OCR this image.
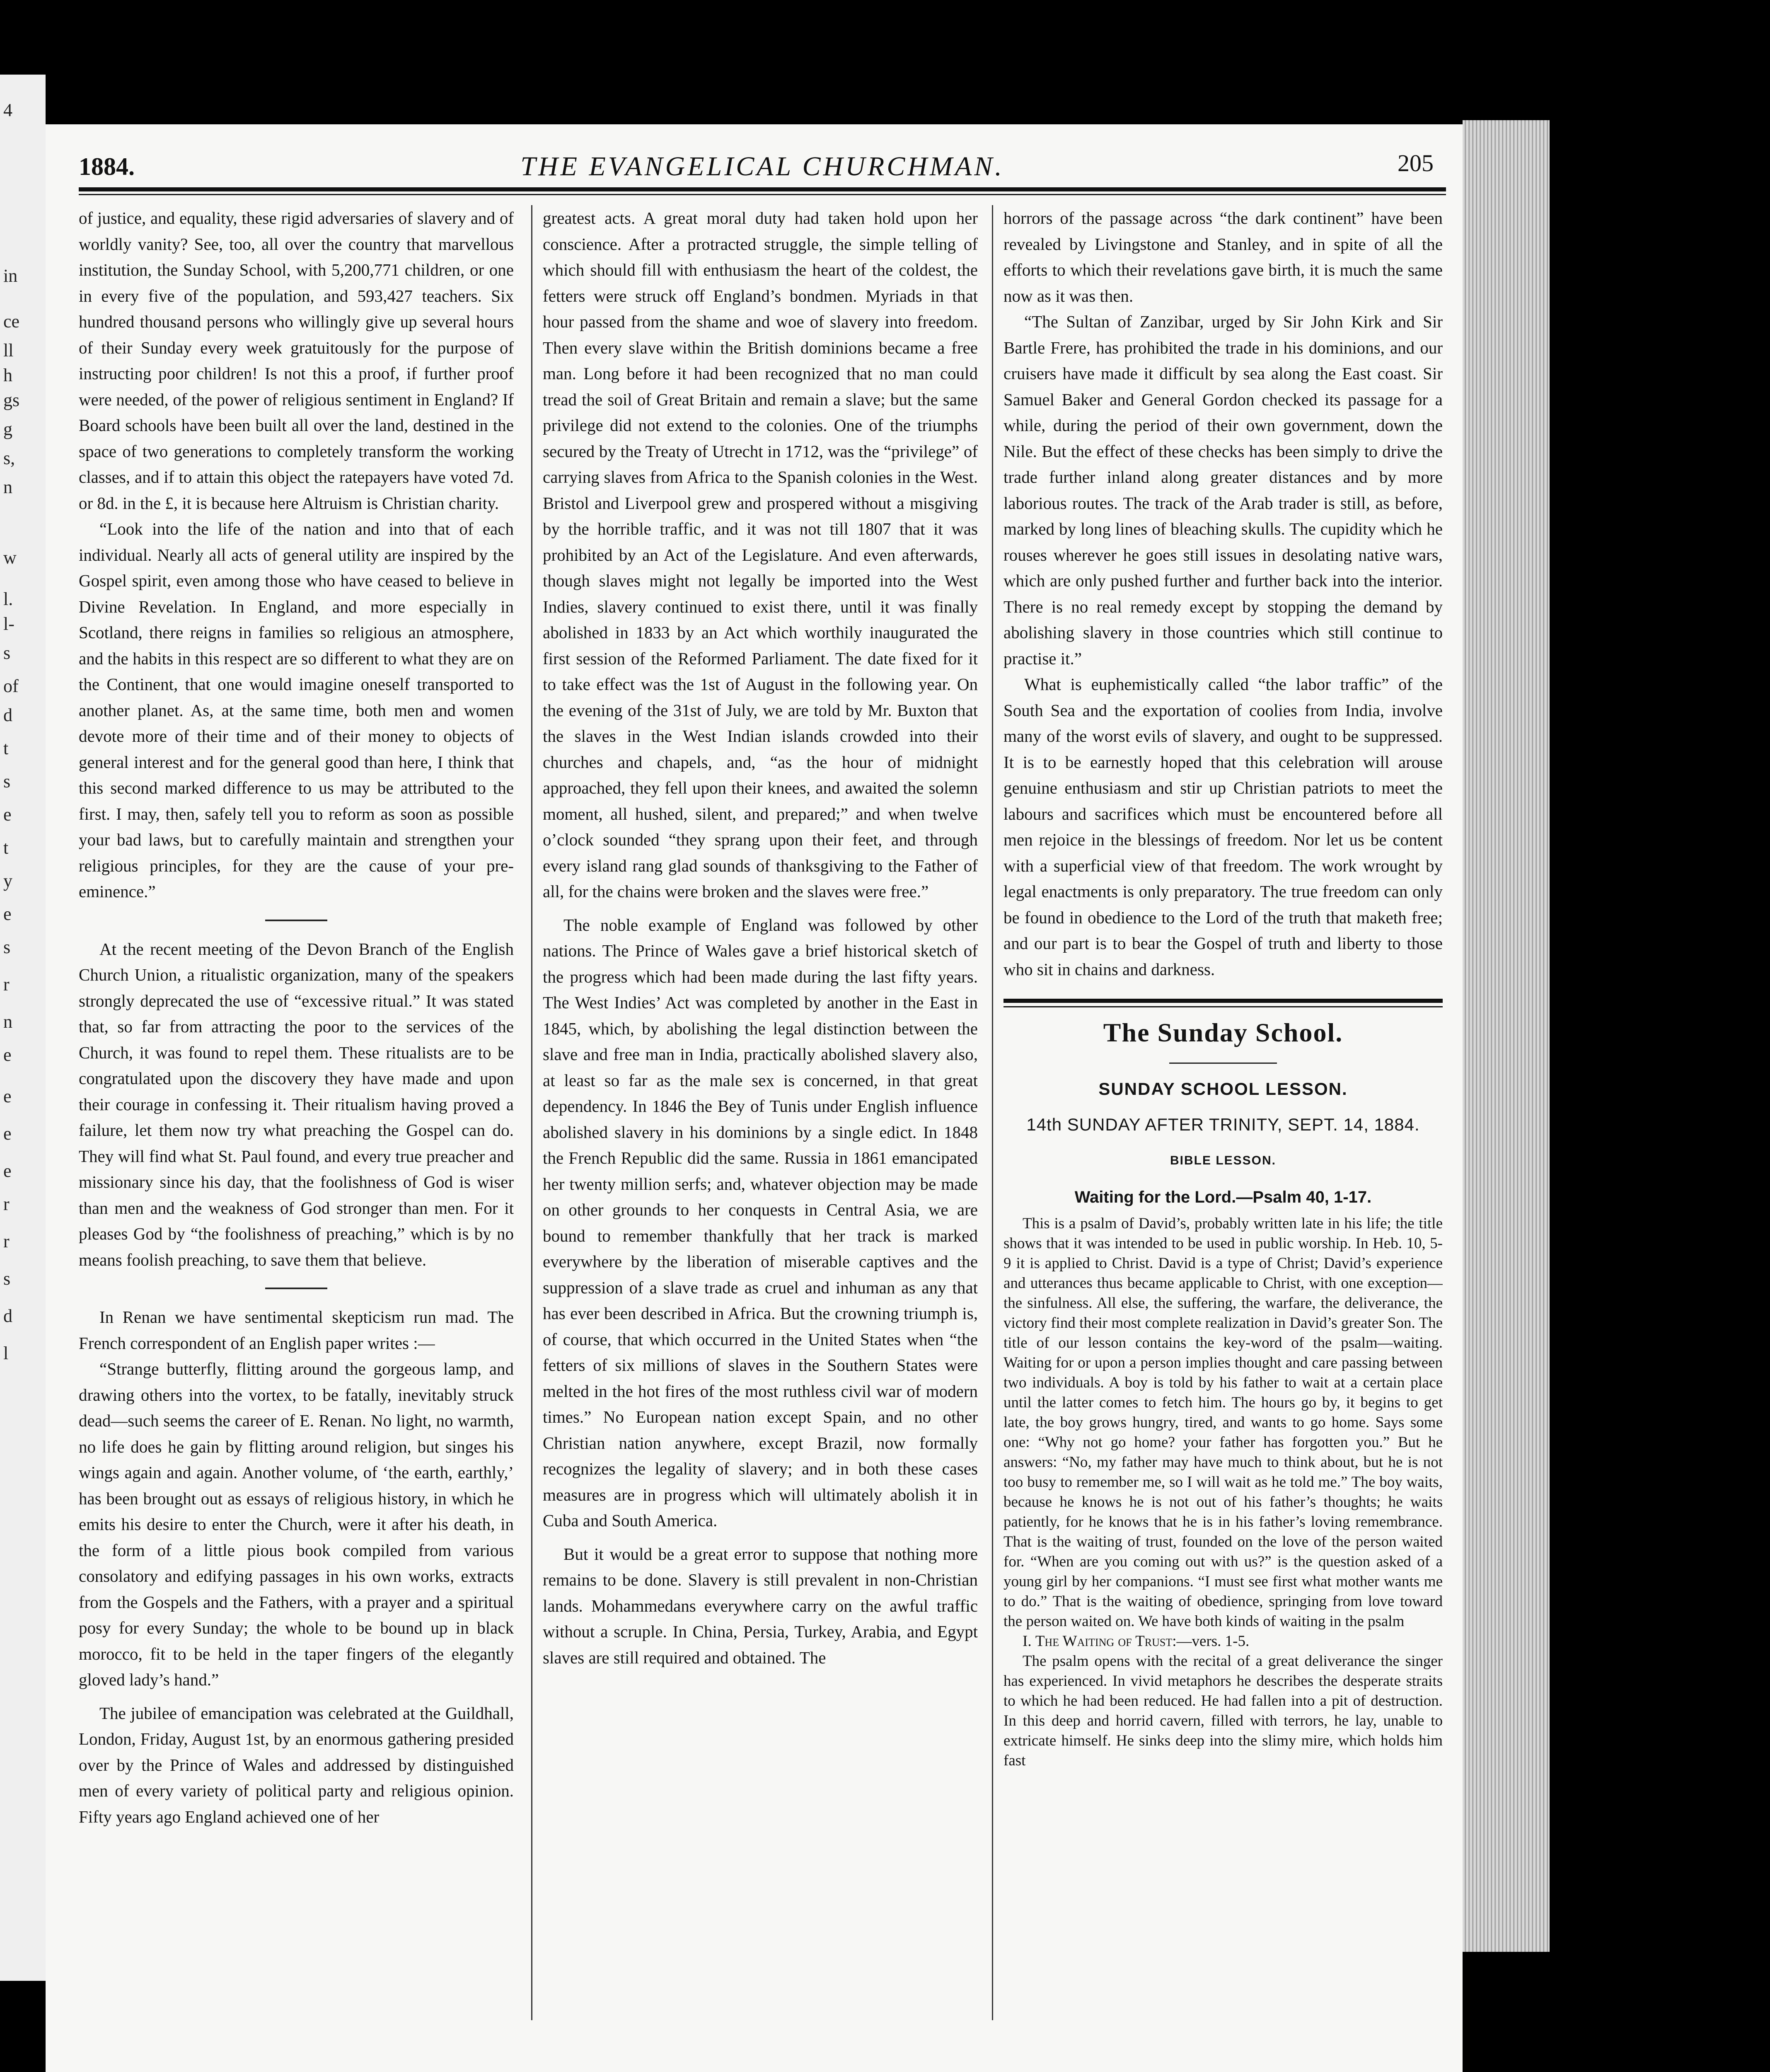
4
in
ce
ll
h
gs
g
s,
n
w
l.
l-
s
of
d
t
s
e
t
y
e
s
r
n
e
e
e
e
r
r
s
d
l
1884.	THE EVANGELICAL CHURCHMAN.	205

of justice, and equality, these rigid adversaries of slavery and of worldly vanity? See, too, all over the country that marvellous institution, the Sunday School, with 5,200,771 children, or one in every five of the population, and 593,427 teachers. Six hundred thousand persons who willingly give up several hours of their Sunday every week gratuitously for the purpose of instructing poor children! Is not this a proof, if further proof were needed, of the power of religious sentiment in England? If Board schools have been built all over the land, destined in the space of two generations to completely transform the working classes, and if to attain this object the ratepayers have voted 7d. or 8d. in the £, it is because here Altruism is Christian charity.

“Look into the life of the nation and into that of each individual. Nearly all acts of general utility are inspired by the Gospel spirit, even among those who have ceased to believe in Divine Revelation. In England, and more especially in Scotland, there reigns in families so religious an atmosphere, and the habits in this respect are so different to what they are on the Continent, that one would imagine oneself transported to another planet. As, at the same time, both men and women devote more of their time and of their money to objects of general interest and for the general good than here, I think that this second marked difference to us may be attributed to the first. I may, then, safely tell you to reform as soon as possible your bad laws, but to carefully maintain and strengthen your religious principles, for they are the cause of your pre-eminence.”

At the recent meeting of the Devon Branch of the English Church Union, a ritualistic organization, many of the speakers strongly deprecated the use of “excessive ritual.” It was stated that, so far from attracting the poor to the services of the Church, it was found to repel them. These ritualists are to be congratulated upon the discovery they have made and upon their courage in confessing it. Their ritualism having proved a failure, let them now try what preaching the Gospel can do. They will find what St. Paul found, and every true preacher and missionary since his day, that the foolishness of God is wiser than men and the weakness of God stronger than men. For it pleases God by “the foolishness of preaching,” which is by no means foolish preaching, to save them that believe.

In Renan we have sentimental skepticism run mad. The French correspondent of an English paper writes :—

“Strange butterfly, flitting around the gorgeous lamp, and drawing others into the vortex, to be fatally, inevitably struck dead—such seems the career of E. Renan. No light, no warmth, no life does he gain by flitting around religion, but singes his wings again and again. Another volume, of ‘the earth, earthly,’ has been brought out as essays of religious history, in which he emits his desire to enter the Church, were it after his death, in the form of a little pious book compiled from various consolatory and edifying passages in his own works, extracts from the Gospels and the Fathers, with a prayer and a spiritual posy for every Sunday; the whole to be bound up in black morocco, fit to be held in the taper fingers of the elegantly gloved lady’s hand.”

The jubilee of emancipation was celebrated at the Guildhall, London, Friday, August 1st, by an enormous gathering presided over by the Prince of Wales and addressed by distinguished men of every variety of political party and religious opinion. Fifty years ago England achieved one of her

greatest acts. A great moral duty had taken hold upon her conscience. After a protracted struggle, the simple telling of which should fill with enthusiasm the heart of the coldest, the fetters were struck off England’s bondmen. Myriads in that hour passed from the shame and woe of slavery into freedom. Then every slave within the British dominions became a free man. Long before it had been recognized that no man could tread the soil of Great Britain and remain a slave; but the same privilege did not extend to the colonies. One of the triumphs secured by the Treaty of Utrecht in 1712, was the “privilege” of carrying slaves from Africa to the Spanish colonies in the West. Bristol and Liverpool grew and prospered without a misgiving by the horrible traffic, and it was not till 1807 that it was prohibited by an Act of the Legislature. And even afterwards, though slaves might not legally be imported into the West Indies, slavery continued to exist there, until it was finally abolished in 1833 by an Act which worthily inaugurated the first session of the Reformed Parliament. The date fixed for it to take effect was the 1st of August in the following year. On the evening of the 31st of July, we are told by Mr. Buxton that the slaves in the West Indian islands crowded into their churches and chapels, and, “as the hour of midnight approached, they fell upon their knees, and awaited the solemn moment, all hushed, silent, and prepared;” and when twelve o’clock sounded “they sprang upon their feet, and through every island rang glad sounds of thanksgiving to the Father of all, for the chains were broken and the slaves were free.”

The noble example of England was followed by other nations. The Prince of Wales gave a brief historical sketch of the progress which had been made during the last fifty years. The West Indies’ Act was completed by another in the East in 1845, which, by abolishing the legal distinction between the slave and free man in India, practically abolished slavery also, at least so far as the male sex is concerned, in that great dependency. In 1846 the Bey of Tunis under English influence abolished slavery in his dominions by a single edict. In 1848 the French Republic did the same. Russia in 1861 emancipated her twenty million serfs; and, whatever objection may be made on other grounds to her conquests in Central Asia, we are bound to remember thankfully that her track is marked everywhere by the liberation of miserable captives and the suppression of a slave trade as cruel and inhuman as any that has ever been described in Africa. But the crowning triumph is, of course, that which occurred in the United States when “the fetters of six millions of slaves in the Southern States were melted in the hot fires of the most ruthless civil war of modern times.” No European nation except Spain, and no other Christian nation anywhere, except Brazil, now formally recognizes the legality of slavery; and in both these cases measures are in progress which will ultimately abolish it in Cuba and South America.

But it would be a great error to suppose that nothing more remains to be done. Slavery is still prevalent in non-Christian lands. Mohammedans everywhere carry on the awful traffic without a scruple. In China, Persia, Turkey, Arabia, and Egypt slaves are still required and obtained. The

horrors of the passage across “the dark continent” have been revealed by Livingstone and Stanley, and in spite of all the efforts to which their revelations gave birth, it is much the same now as it was then.

“The Sultan of Zanzibar, urged by Sir John Kirk and Sir Bartle Frere, has prohibited the trade in his dominions, and our cruisers have made it difficult by sea along the East coast. Sir Samuel Baker and General Gordon checked its passage for a while, during the period of their own government, down the Nile. But the effect of these checks has been simply to drive the trade further inland along greater distances and by more laborious routes. The track of the Arab trader is still, as before, marked by long lines of bleaching skulls. The cupidity which he rouses wherever he goes still issues in desolating native wars, which are only pushed further and further back into the interior. There is no real remedy except by stopping the demand by abolishing slavery in those countries which still continue to practise it.”

What is euphemistically called “the labor traffic” of the South Sea and the exportation of coolies from India, involve many of the worst evils of slavery, and ought to be suppressed. It is to be earnestly hoped that this celebration will arouse genuine enthusiasm and stir up Christian patriots to meet the labours and sacrifices which must be encountered before all men rejoice in the blessings of freedom. Nor let us be content with a superficial view of that freedom. The work wrought by legal enactments is only preparatory. The true freedom can only be found in obedience to the Lord of the truth that maketh free; and our part is to bear the Gospel of truth and liberty to those who sit in chains and darkness.

The Sunday School.
SUNDAY SCHOOL LESSON.
14th SUNDAY AFTER TRINITY, SEPT. 14, 1884.
BIBLE LESSON.
Waiting for the Lord.—Psalm 40, 1-17.

This is a psalm of David’s, probably written late in his life; the title shows that it was intended to be used in public worship. In Heb. 10, 5-9 it is applied to Christ. David is a type of Christ; David’s experience and utterances thus became applicable to Christ, with one exception—the sinfulness. All else, the suffering, the warfare, the deliverance, the victory find their most complete realization in David’s greater Son. The title of our lesson contains the key-word of the psalm—waiting. Waiting for or upon a person implies thought and care passing between two individuals. A boy is told by his father to wait at a certain place until the latter comes to fetch him. The hours go by, it begins to get late, the boy grows hungry, tired, and wants to go home. Says some one: “Why not go home? your father has forgotten you.” But he answers: “No, my father may have much to think about, but he is not too busy to remember me, so I will wait as he told me.” The boy waits, because he knows he is not out of his father’s thoughts; he waits patiently, for he knows that he is in his father’s loving remembrance. That is the waiting of trust, founded on the love of the person waited for. “When are you coming out with us?” is the question asked of a young girl by her companions. “I must see first what mother wants me to do.” That is the waiting of obedience, springing from love toward the person waited on. We have both kinds of waiting in the psalm

I. The Waiting of Trust:—vers. 1-5.

The psalm opens with the recital of a great deliverance the singer has experienced. In vivid metaphors he describes the desperate straits to which he had been reduced. He had fallen into a pit of destruction. In this deep and horrid cavern, filled with terrors, he lay, unable to extricate himself. He sinks deep into the slimy mire, which holds him fast
